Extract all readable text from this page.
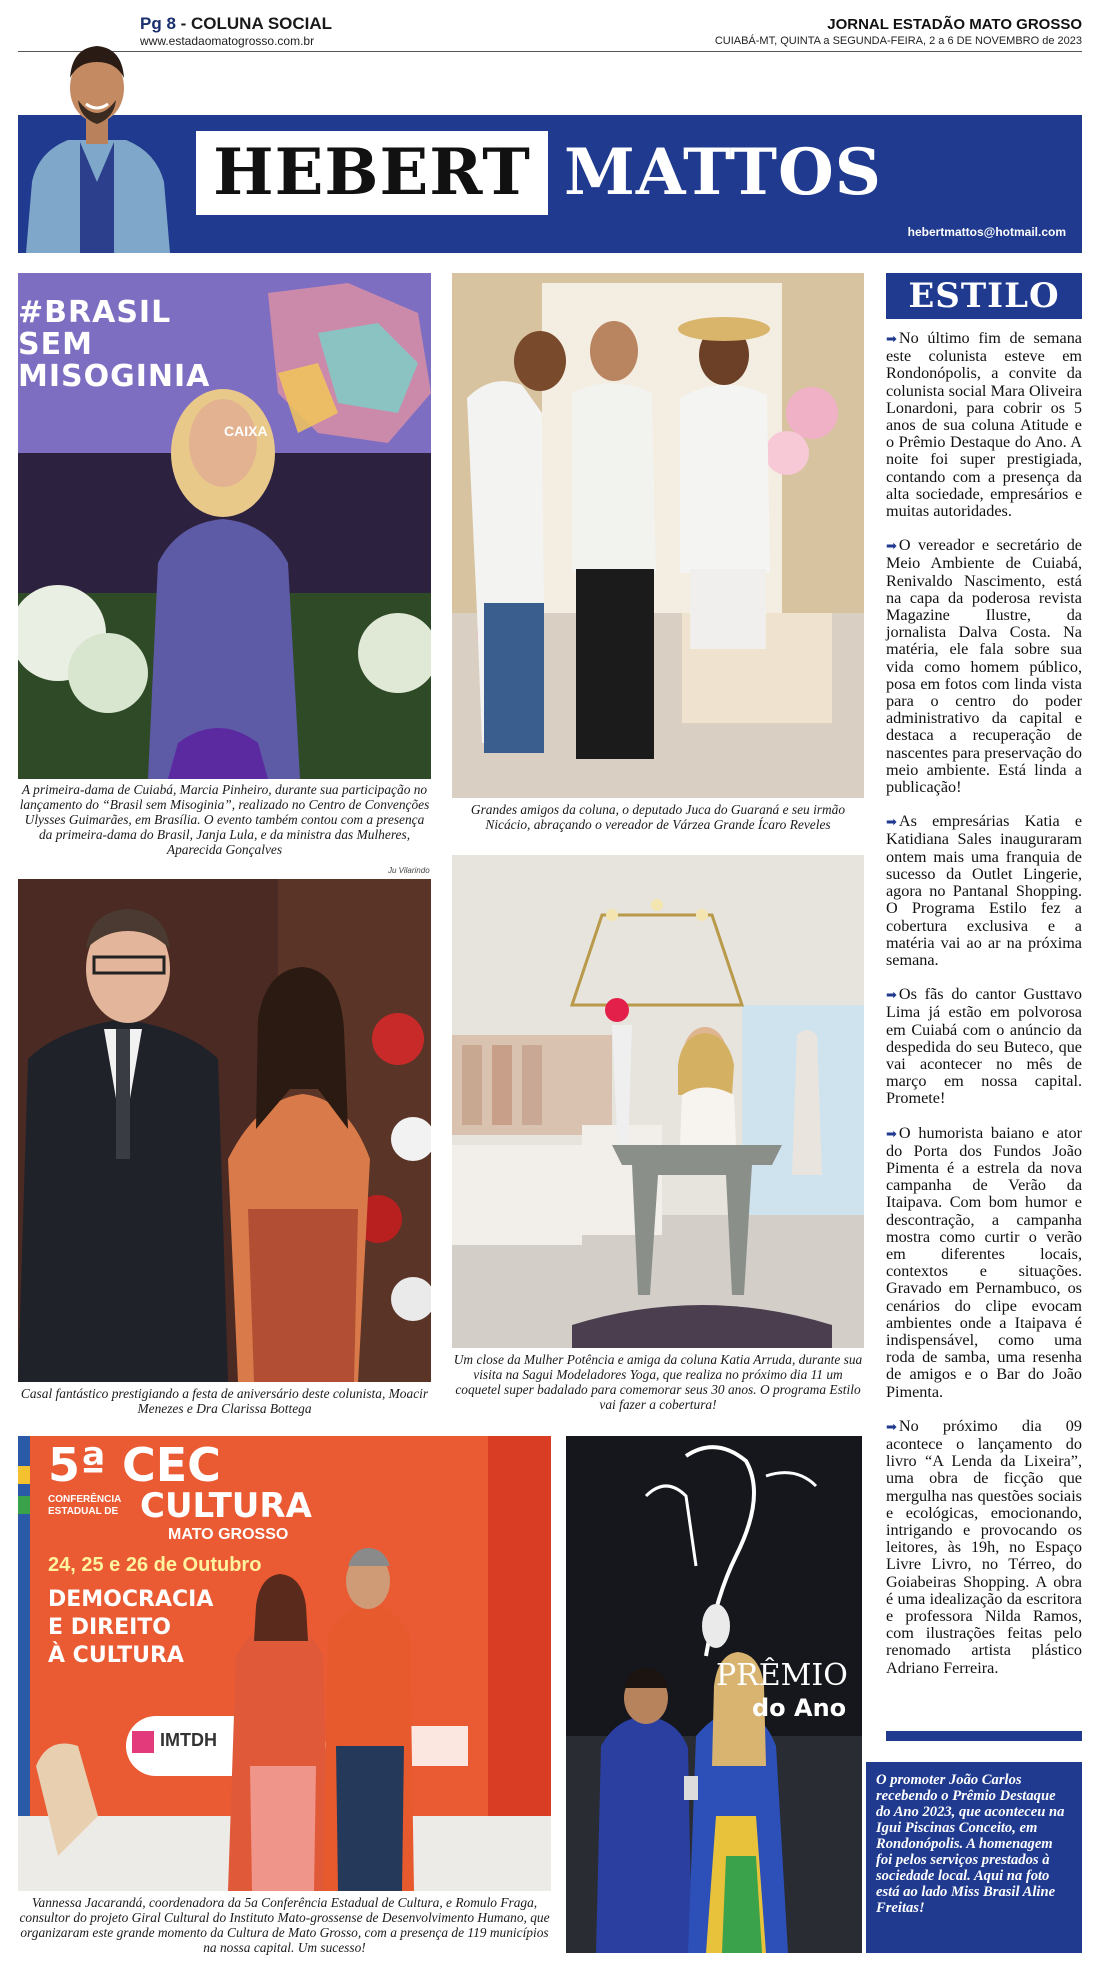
Pg 8 - COLUNA SOCIAL
www.estadaomatogrosso.com.br
JORNAL ESTADÃO MATO GROSSO
CUIABÁ-MT, QUINTA a SEGUNDA-FEIRA, 2 a 6 DE NOVEMBRO de 2023
HEBERT MATTOS
hebertmattos@hotmail.com
#BRASIL SEM MISOGINIA
CAIXA
A primeira-dama de Cuiabá, Marcia Pinheiro, durante sua participação no lançamento do “Brasil sem Misoginia”, realizado no Centro de Convenções Ulysses Guimarães, em Brasília. O evento também contou com a presença da primeira-dama do Brasil, Janja Lula, e da ministra das Mulheres, Aparecida Gonçalves
Ju Vilarindo
Grandes amigos da coluna, o deputado Juca do Guaraná e seu irmão Nicácio, abraçando o vereador de Várzea Grande Ícaro Reveles
Casal fantástico prestigiando a festa de aniversário deste colunista, Moacir Menezes e Dra Clarissa Bottega
Um close da Mulher Potência e amiga da coluna Katia Arruda, durante sua visita na Sagui Modeladores Yoga, que realiza no próximo dia 11 um coquetel super badalado para comemorar seus 30 anos. O programa Estilo vai fazer a cobertura!
5ª CEC
CONFERÊNCIA ESTADUAL DE CULTURA
MATO GROSSO
24, 25 e 26 de Outubro
DEMOCRACIA
E DIREITO
À CULTURA
IMTDH
Vannessa Jacarandá, coordenadora da 5a Conferência Estadual de Cultura, e Romulo Fraga, consultor do projeto Giral Cultural do Instituto Mato-grossense de Desenvolvimento Humano, que organizaram este grande momento da Cultura de Mato Grosso, com a presença de 119 municípios na nossa capital. Um sucesso!
PRÊMIO
do Ano
ESTILO

➡ No último fim de semana este colunista esteve em Rondonópolis, a convite da colunista social Mara Oliveira Lonardoni, para cobrir os 5 anos de sua coluna Atitude e o Prêmio Destaque do Ano. A noite foi super prestigiada, contando com a presença da alta sociedade, empresários e muitas autoridades.

➡ O vereador e secretário de Meio Ambiente de Cuiabá, Renivaldo Nascimento, está na capa da poderosa revista Magazine Ilustre, da jornalista Dalva Costa. Na matéria, ele fala sobre sua vida como homem público, posa em fotos com linda vista para o centro do poder administrativo da capital e destaca a recuperação de nascentes para preservação do meio ambiente. Está linda a publicação!

➡ As empresárias Katia e Katidiana Sales inauguraram ontem mais uma franquia de sucesso da Outlet Lingerie, agora no Pantanal Shopping. O Programa Estilo fez a cobertura exclusiva e a matéria vai ao ar na próxima semana.

➡ Os fãs do cantor Gusttavo Lima já estão em polvorosa em Cuiabá com o anúncio da despedida do seu Buteco, que vai acontecer no mês de março em nossa capital. Promete!

➡ O humorista baiano e ator do Porta dos Fundos João Pimenta é a estrela da nova campanha de Verão da Itaipava. Com bom humor e descontração, a campanha mostra como curtir o verão em diferentes locais, contextos e situações. Gravado em Pernambuco, os cenários do clipe evocam ambientes onde a Itaipava é indispensável, como uma roda de samba, uma resenha de amigos e o Bar do João Pimenta.

➡ No próximo dia 09 acontece o lançamento do livro “A Lenda da Lixeira”, uma obra de ficção que mergulha nas questões sociais e ecológicas, emocionando, intrigando e provocando os leitores, às 19h, no Espaço Livre Livro, no Térreo, do Goiabeiras Shopping. A obra é uma idealização da escritora e professora Nilda Ramos, com ilustrações feitas pelo renomado artista plástico Adriano Ferreira.

O promoter João Carlos recebendo o Prêmio Destaque do Ano 2023, que aconteceu na Igui Piscinas Conceito, em Rondonópolis. A homenagem foi pelos serviços prestados à sociedade local. Aqui na foto está ao lado Miss Brasil Aline Freitas!
